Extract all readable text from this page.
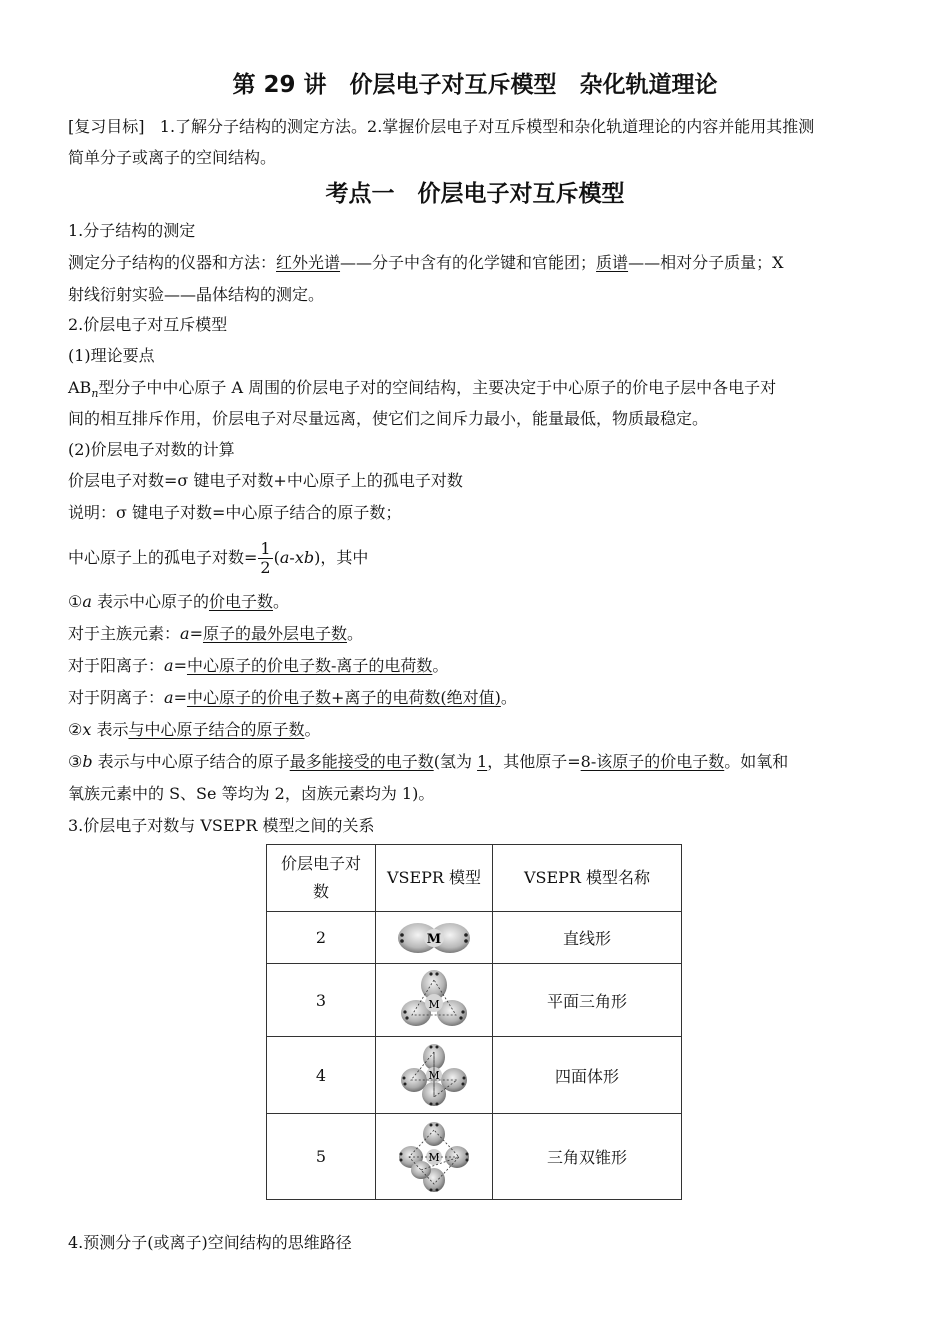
第 29 讲　价层电子对互斥模型　杂化轨道理论
[复习目标] 1.了解分子结构的测定方法。2.掌握价层电子对互斥模型和杂化轨道理论的内容并能用其推测
简单分子或离子的空间结构。
考点一　价层电子对互斥模型
1.分子结构的测定
测定分子结构的仪器和方法：红外光谱——分子中含有的化学键和官能团；质谱——相对分子质量；X
射线衍射实验——晶体结构的测定。
2.价层电子对互斥模型
(1)理论要点
$AB_n$型分子中中心原子 A 周围的价层电子对的空间结构，主要决定于中心原子的价电子层中各电子对
间的相互排斥作用，价层电子对尽量远离，使它们之间斥力最小，能量最低，物质最稳定。
(2)价层电子对数的计算
价层电子对数=σ 键电子对数+中心原子上的孤电子对数
说明：σ 键电子对数=中心原子结合的原子数；
中心原子上的孤电子对数= $\frac{1}{2} (a-xb)$，其中
①a 表示中心原子的价电子数。
对于主族元素：a=原子的最外层电子数。
对于阳离子：a=中心原子的价电子数-离子的电荷数。
对于阴离子：a=中心原子的价电子数+离子的电荷数(绝对值)。
②x 表示与中心原子结合的原子数。
③b 表示与中心原子结合的原子最多能接受的电子数(氢为 1，其他原子=8-该原子的价电子数。如氧和
氧族元素中的 S、Se 等均为 2，卤族元素均为 1)。
3.价层电子对数与 VSEPR 模型之间的关系
价层电子对数	VSEPR 模型	VSEPR 模型名称
2	M	直线形
3	M	平面三角形
4	M	四面体形
5	M	三角双锥形
4.预测分子(或离子)空间结构的思维路径
